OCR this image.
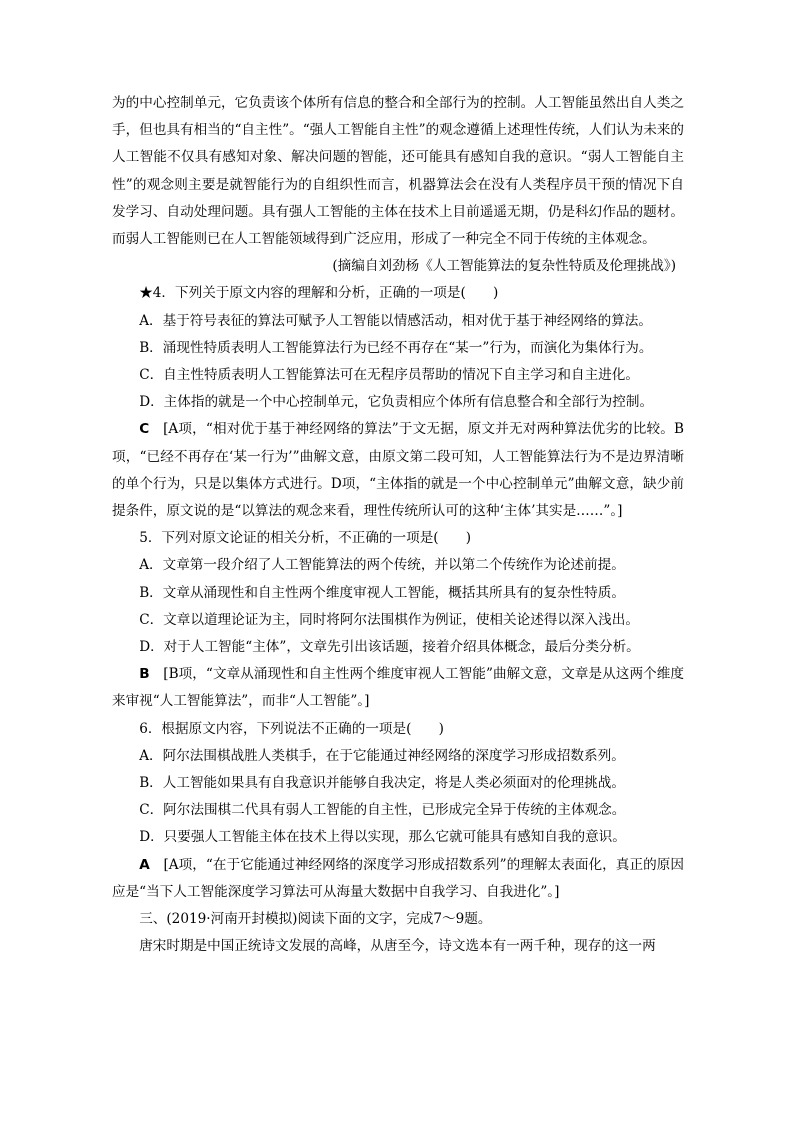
为的中心控制单元，它负责该个体所有信息的整合和全部行为的控制。人工智能虽然出自人类之手，但也具有相当的“自主性”。“强人工智能自主性”的观念遵循上述理性传统，人们认为未来的人工智能不仅具有感知对象、解决问题的智能，还可能具有感知自我的意识。“弱人工智能自主性”的观念则主要是就智能行为的自组织性而言，机器算法会在没有人类程序员干预的情况下自发学习、自动处理问题。具有强人工智能的主体在技术上目前遥遥无期，仍是科幻作品的题材。而弱人工智能则已在人工智能领域得到广泛应用，形成了一种完全不同于传统的主体观念。

(摘编自刘劲杨《人工智能算法的复杂性特质及伦理挑战》)

★4．下列关于原文内容的理解和分析，正确的一项是(　　)

A．基于符号表征的算法可赋予人工智能以情感活动，相对优于基于神经网络的算法。

B．涌现性特质表明人工智能算法行为已经不再存在“某一”行为，而演化为集体行为。

C．自主性特质表明人工智能算法可在无程序员帮助的情况下自主学习和自主进化。

D．主体指的就是一个中心控制单元，它负责相应个体所有信息整合和全部行为控制。

C　 [A项，“相对优于基于神经网络的算法”于文无据，原文并无对两种算法优劣的比较。B项，“已经不再存在‘某一行为’”曲解文意，由原文第二段可知，人工智能算法行为不是边界清晰的单个行为，只是以集体方式进行。D项，“主体指的就是一个中心控制单元”曲解文意，缺少前提条件，原文说的是“以算法的观念来看，理性传统所认可的这种‘主体’其实是……”。]

5．下列对原文论证的相关分析，不正确的一项是(　　)

A．文章第一段介绍了人工智能算法的两个传统，并以第二个传统作为论述前提。

B．文章从涌现性和自主性两个维度审视人工智能，概括其所具有的复杂性特质。

C．文章以道理论证为主，同时将阿尔法围棋作为例证，使相关论述得以深入浅出。

D．对于人工智能“主体”，文章先引出该话题，接着介绍具体概念，最后分类分析。

B　 [B项，“文章从涌现性和自主性两个维度审视人工智能”曲解文意，文章是从这两个维度来审视“人工智能算法”，而非“人工智能”。]

6．根据原文内容，下列说法不正确的一项是(　　)

A．阿尔法围棋战胜人类棋手，在于它能通过神经网络的深度学习形成招数系列。

B．人工智能如果具有自我意识并能够自我决定，将是人类必须面对的伦理挑战。

C．阿尔法围棋二代具有弱人工智能的自主性，已形成完全异于传统的主体观念。

D．只要强人工智能主体在技术上得以实现，那么它就可能具有感知自我的意识。

A　 [A项，“在于它能通过神经网络的深度学习形成招数系列”的理解太表面化，真正的原因应是“当下人工智能深度学习算法可从海量大数据中自我学习、自我进化”。]

三、(2019·河南开封模拟)阅读下面的文字，完成7～9题。

唐宋时期是中国正统诗文发展的高峰，从唐至今，诗文选本有一两千种，现存的这一两
